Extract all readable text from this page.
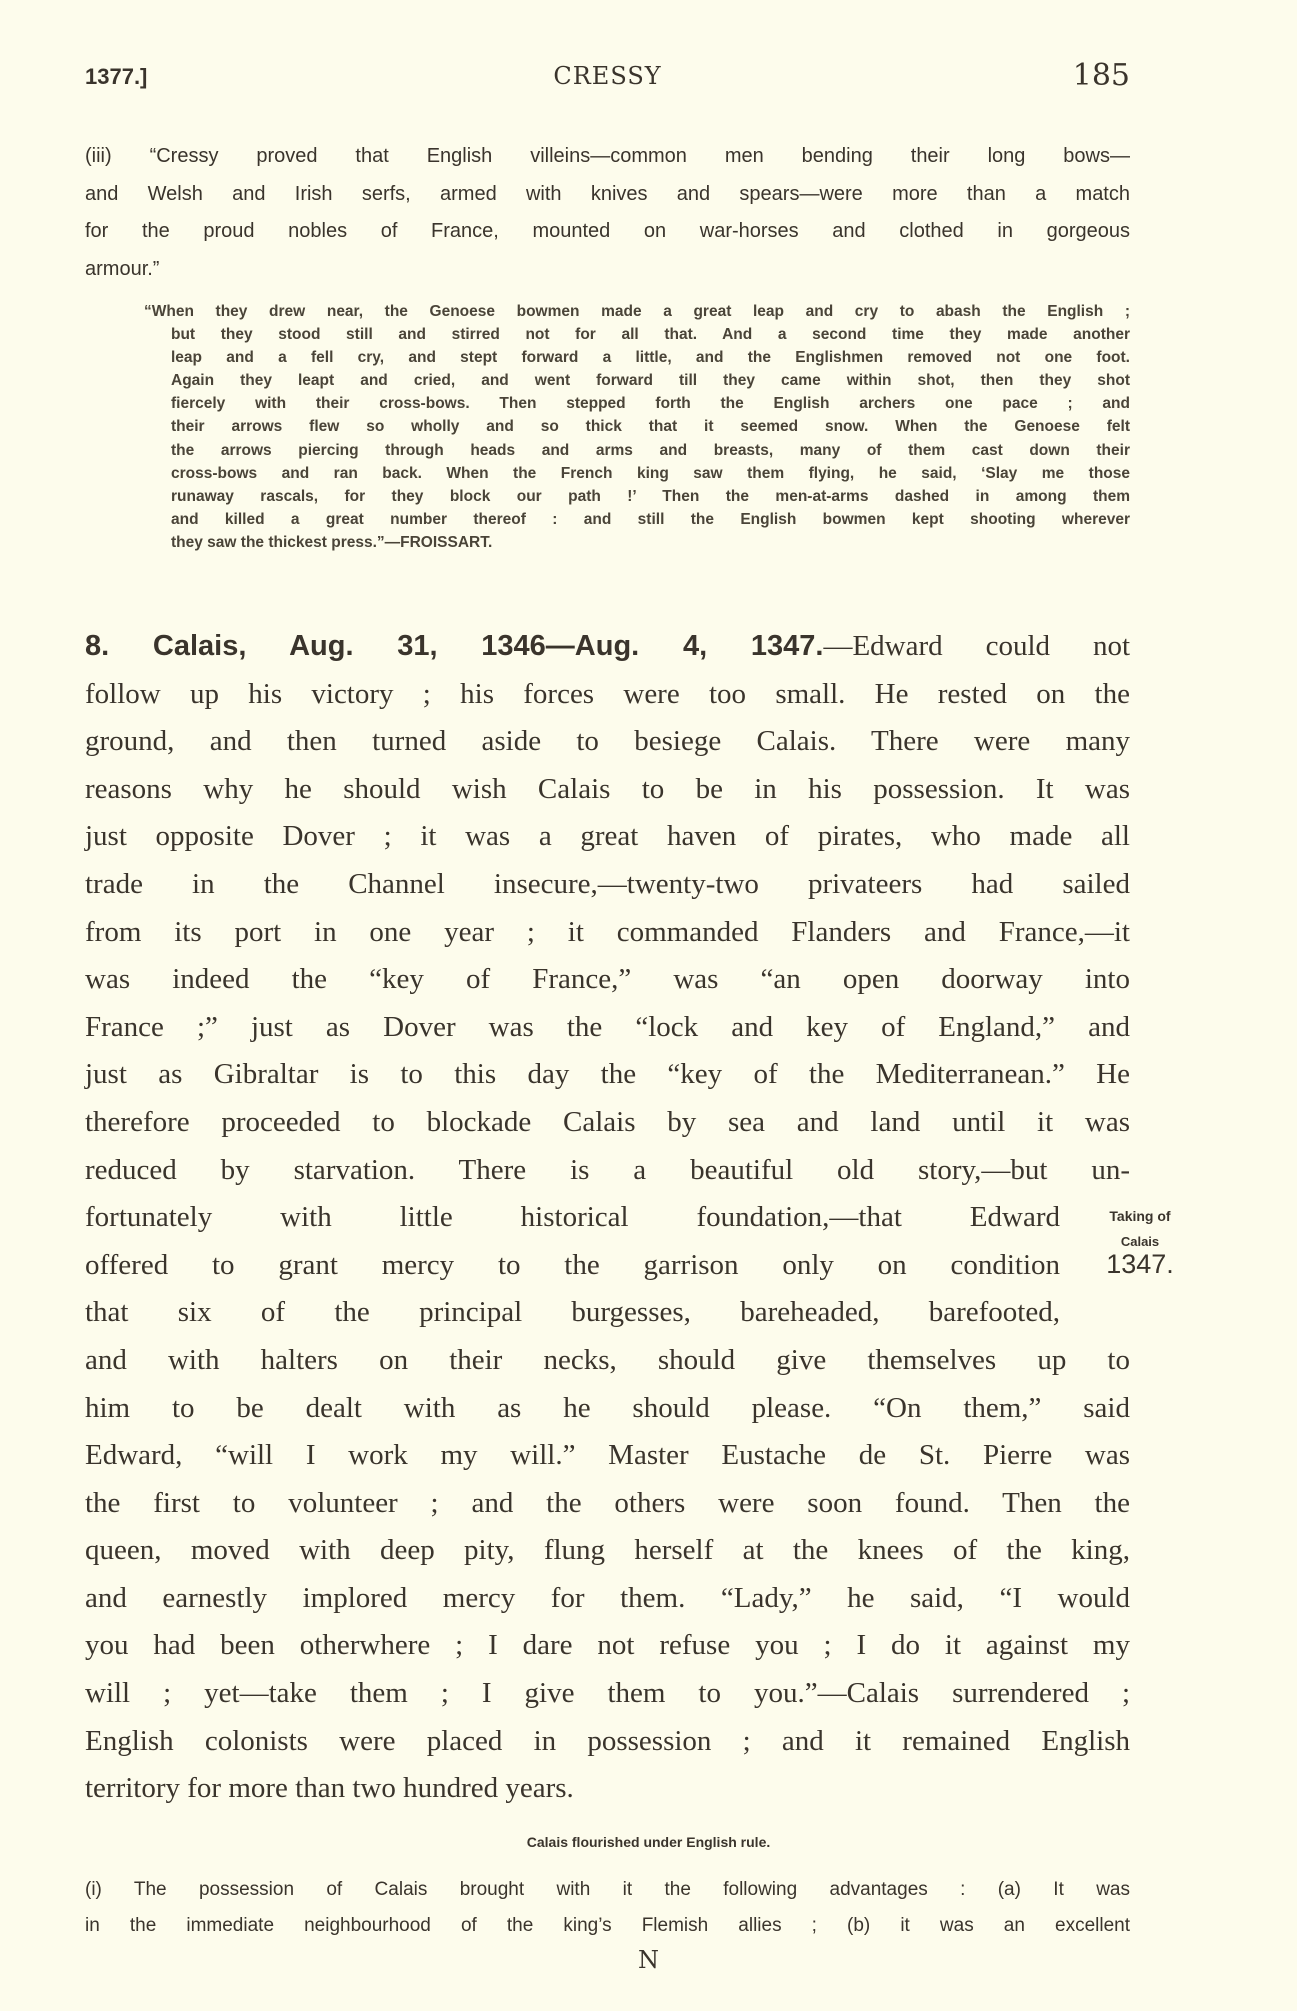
1377.]	CRESSY	185
(iii) “Cressy proved that English villeins—common men bending their long bows—
and Welsh and Irish serfs, armed with knives and spears—were more than a match
for the proud nobles of France, mounted on war-horses and clothed in gorgeous
armour.”
“When they drew near, the Genoese bowmen made a great leap and cry to abash the English ;
but they stood still and stirred not for all that. And a second time they made another
leap and a fell cry, and stept forward a little, and the Englishmen removed not one foot.
Again they leapt and cried, and went forward till they came within shot, then they shot
fiercely with their cross-bows. Then stepped forth the English archers one pace ; and
their arrows flew so wholly and so thick that it seemed snow. When the Genoese felt
the arrows piercing through heads and arms and breasts, many of them cast down their
cross-bows and ran back. When the French king saw them flying, he said, ‘Slay me those
runaway rascals, for they block our path !’ Then the men-at-arms dashed in among them
and killed a great number thereof : and still the English bowmen kept shooting wherever
they saw the thickest press.”—FROISSART.
8. Calais, Aug. 31, 1346—Aug. 4, 1347.—Edward could not
follow up his victory ; his forces were too small. He rested on the
ground, and then turned aside to besiege Calais. There were many
reasons why he should wish Calais to be in his possession. It was
just opposite Dover ; it was a great haven of pirates, who made all
trade in the Channel insecure,—twenty-two privateers had sailed
from its port in one year ; it commanded Flanders and France,—it
was indeed the “key of France,” was “an open doorway into
France ;” just as Dover was the “lock and key of England,” and
just as Gibraltar is to this day the “key of the Mediterranean.” He
therefore proceeded to blockade Calais by sea and land until it was
reduced by starvation. There is a beautiful old story,—but un-
fortunately with little historical foundation,—that Edward
offered to grant mercy to the garrison only on condition
that six of the principal burgesses, bareheaded, barefooted,
and with halters on their necks, should give themselves up to
him to be dealt with as he should please. “On them,” said
Edward, “will I work my will.” Master Eustache de St. Pierre was
the first to volunteer ; and the others were soon found. Then the
queen, moved with deep pity, flung herself at the knees of the king,
and earnestly implored mercy for them. “Lady,” he said, “I would
you had been otherwhere ; I dare not refuse you ; I do it against my
will ; yet—take them ; I give them to you.”—Calais surrendered ;
English colonists were placed in possession ; and it remained English
territory for more than two hundred years.
Taking of
Calais
1347.
Calais flourished under English rule.
(i) The possession of Calais brought with it the following advantages : (a) It was
in the immediate neighbourhood of the king’s Flemish allies ; (b) it was an excellent
N
